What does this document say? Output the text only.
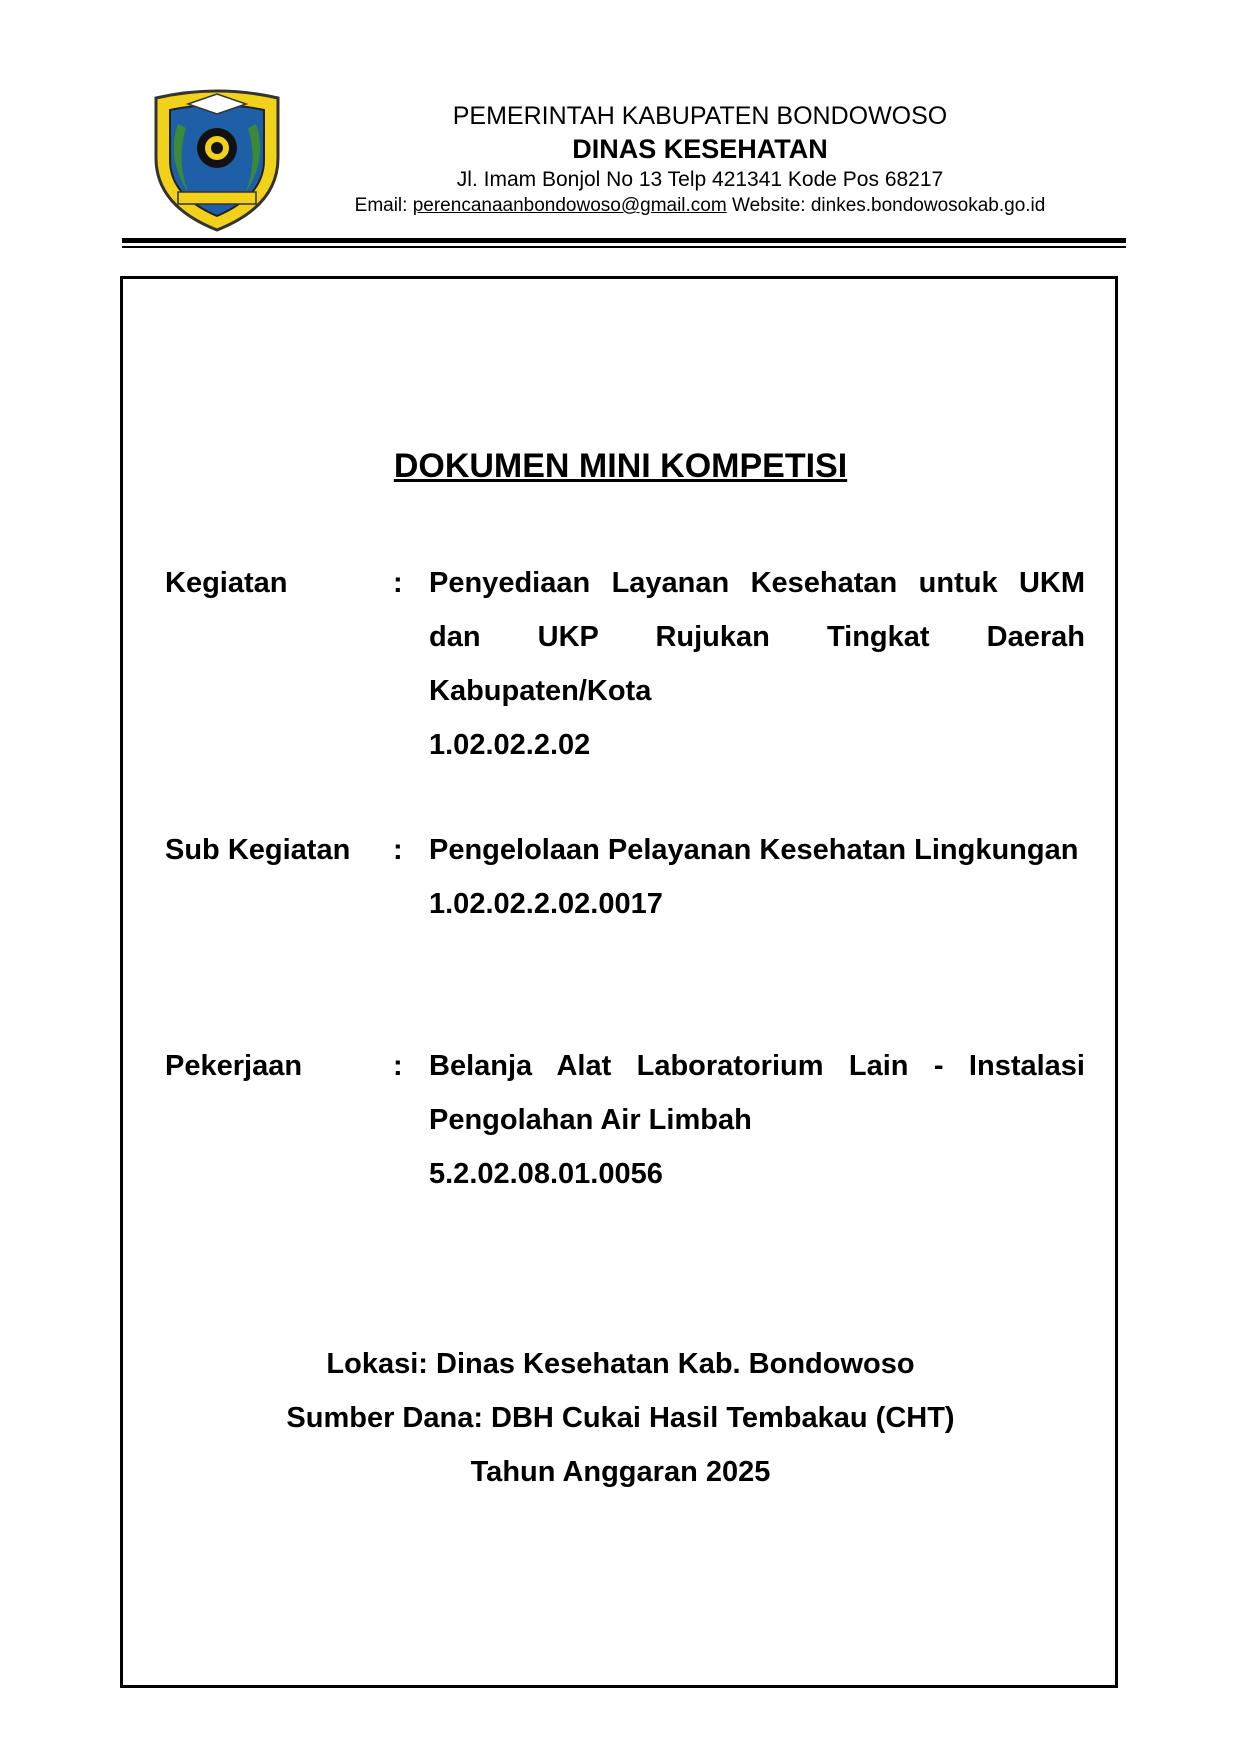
PEMERINTAH KABUPATEN BONDOWOSO
DINAS KESEHATAN
Jl. Imam Bonjol No 13 Telp 421341 Kode Pos 68217
Email: perencanaanbondowoso@gmail.com Website: dinkes.bondowosokab.go.id
DOKUMEN MINI KOMPETISI
Kegiatan	: Penyediaan Layanan Kesehatan untuk UKM dan UKP Rujukan Tingkat Daerah Kabupaten/Kota
1.02.02.2.02
Sub Kegiatan : Pengelolaan Pelayanan Kesehatan Lingkungan
1.02.02.2.02.0017
Pekerjaan	: Belanja Alat Laboratorium Lain - Instalasi Pengolahan Air Limbah
5.2.02.08.01.0056
Lokasi: Dinas Kesehatan Kab. Bondowoso
Sumber Dana: DBH Cukai Hasil Tembakau (CHT)
Tahun Anggaran 2025
